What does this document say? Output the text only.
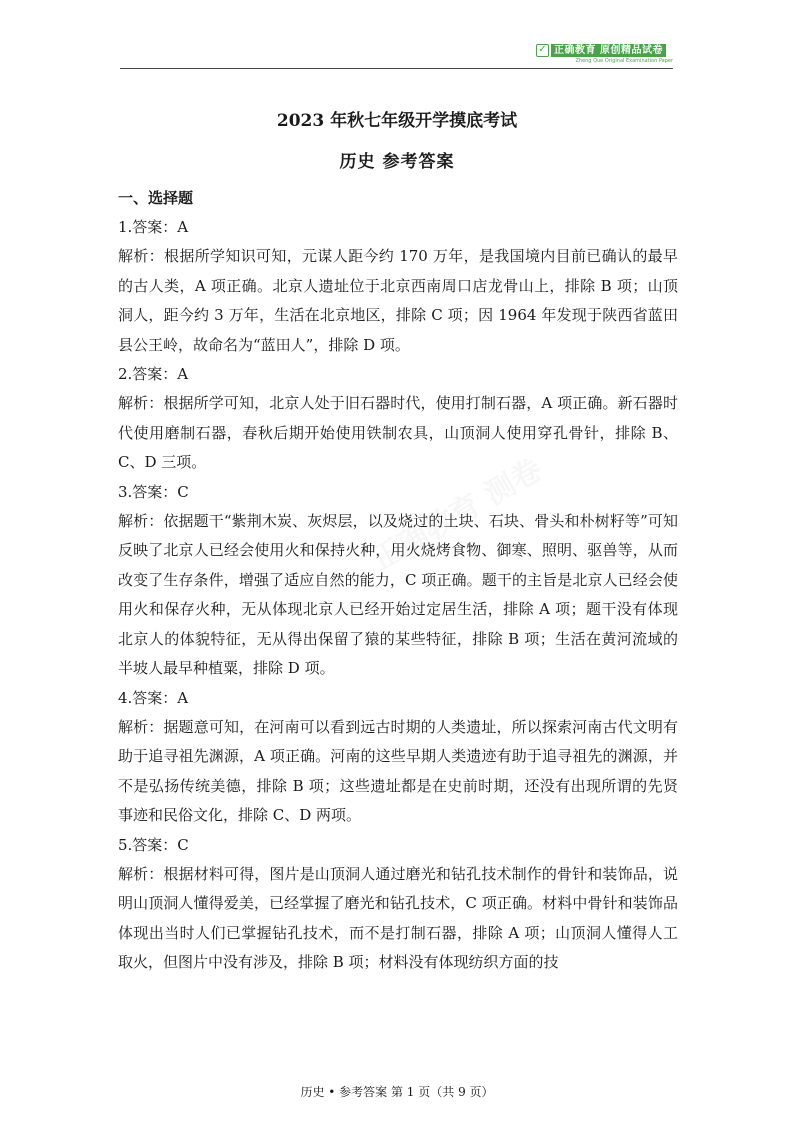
✓ 正确教育 原创精品试卷
Zheng Que Original Examination Paper
2023 年秋七年级开学摸底考试
历史 参考答案

一、选择题

1.答案：A

解析：根据所学知识可知，元谋人距今约 170 万年，是我国境内目前已确认的最早的古人类，A 项正确。北京人遗址位于北京西南周口店龙骨山上，排除 B 项；山顶洞人，距今约 3 万年，生活在北京地区，排除 C 项；因 1964 年发现于陕西省蓝田县公王岭，故命名为“蓝田人”，排除 D 项。

2.答案：A

解析：根据所学可知，北京人处于旧石器时代，使用打制石器，A 项正确。新石器时代使用磨制石器，春秋后期开始使用铁制农具，山顶洞人使用穿孔骨针，排除 B、C、D 三项。

3.答案：C

解析：依据题干“紫荆木炭、灰烬层，以及烧过的土块、石块、骨头和朴树籽等”可知反映了北京人已经会使用火和保持火种，用火烧烤食物、御寒、照明、驱兽等，从而改变了生存条件，增强了适应自然的能力，C 项正确。题干的主旨是北京人已经会使用火和保存火种，无从体现北京人已经开始过定居生活，排除 A 项；题干没有体现北京人的体貌特征，无从得出保留了猿的某些特征，排除 B 项；生活在黄河流域的半坡人最早种植粟，排除 D 项。

4.答案：A

解析：据题意可知，在河南可以看到远古时期的人类遗址，所以探索河南古代文明有助于追寻祖先渊源，A 项正确。河南的这些早期人类遗迹有助于追寻祖先的渊源，并不是弘扬传统美德，排除 B 项；这些遗址都是在史前时期，还没有出现所谓的先贤事迹和民俗文化，排除 C、D 两项。

5.答案：C

解析：根据材料可得，图片是山顶洞人通过磨光和钻孔技术制作的骨针和装饰品，说明山顶洞人懂得爱美，已经掌握了磨光和钻孔技术，C 项正确。材料中骨针和装饰品体现出当时人们已掌握钻孔技术，而不是打制石器，排除 A 项；山顶洞人懂得人工取火，但图片中没有涉及，排除 B 项；材料没有体现纺织方面的技

历史 • 参考答案 第 1 页（共 9 页）
